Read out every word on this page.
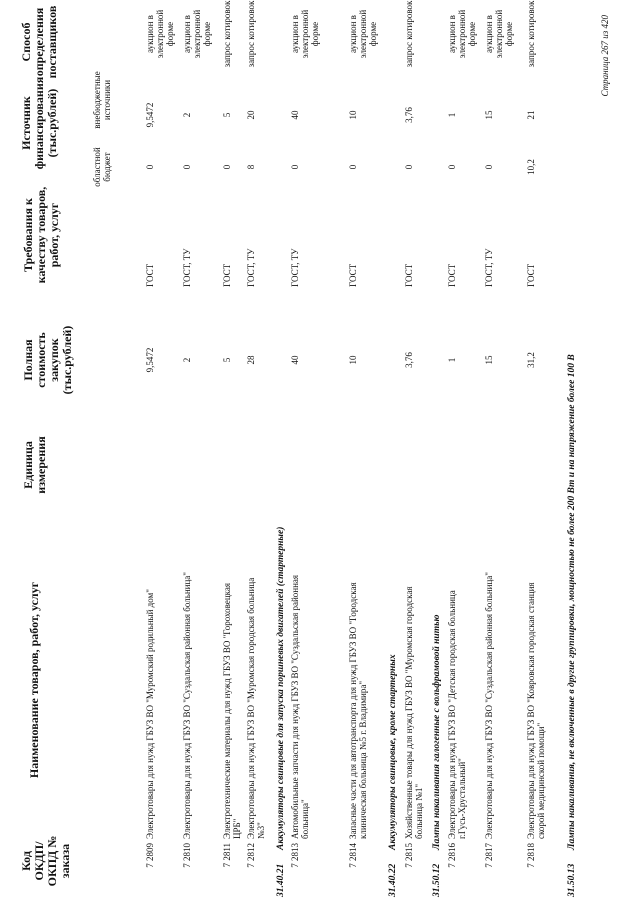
Код ОКДП/ ОКПД № заказа
Наименование товаров, работ, услуг
Единица измерения
Полная стоимость закупок (тыс.рублей)
Требования к качеству товаров, работ, услуг
Источник финансирования (тыс.рублей)
областной бюджет
внебюджетные источники
Способ определения поставщиков
7 2809
Электротовары для нужд ГБУЗ ВО "Муромский родильный дом"
9,5472
ГОСТ
0
9,5472
аукцион в электронной форме
7 2810
Электротовары для нужд ГБУЗ ВО "Суздальская районная больница"
2
ГОСТ, ТУ
0
2
аукцион в электронной форме
7 2811
Электротехнические материалы для нужд ГБУЗ ВО "Гороховецкая ЦРБ"
5
ГОСТ
0
5
запрос котировок
7 2812
Электротовары для нужд ГБУЗ ВО "Муромская городская больница №3"
28
ГОСТ, ТУ
8
20
запрос котировок
31.40.21
Аккумуляторы свинцовые для запуска поршневых двигателей (стартерные)
7 2813
Автомобильные запчасти для нужд ГБУЗ ВО "Суздальская районная больница"
40
ГОСТ, ТУ
0
40
аукцион в электронной форме
7 2814
Запасные части для автотранспорта для нужд ГБУЗ ВО "Городская клиническая больница №5 г. Владимира"
10
ГОСТ
0
10
аукцион в электронной форме
31.40.22
Аккумуляторы свинцовые, кроме стартерных
7 2815
Хозяйственные товары для нужд ГБУЗ ВО "Муромская городская больница №1"
3,76
ГОСТ
0
3,76
запрос котировок
31.50.12
Лампы накаливания галогенные с вольфрамовой нитью
7 2816
Электротовары для нужд ГБУЗ ВО "Детская городская больница г.Гусь-Хрустальный"
1
ГОСТ
0
1
аукцион в электронной форме
7 2817
Электротовары для нужд ГБУЗ ВО "Суздальская районная больница"
15
ГОСТ, ТУ
0
15
аукцион в электронной форме
7 2818
Электротовары для нужд ГБУЗ ВО "Ковровская городская станция скорой медицинской помощи"
31,2
ГОСТ
10,2
21
запрос котировок
31.50.13
Лампы накаливания, не включенные в другие группировки, мощностью не более 200 Вт и на напряжение более 100 В
Страница 267 из 420
